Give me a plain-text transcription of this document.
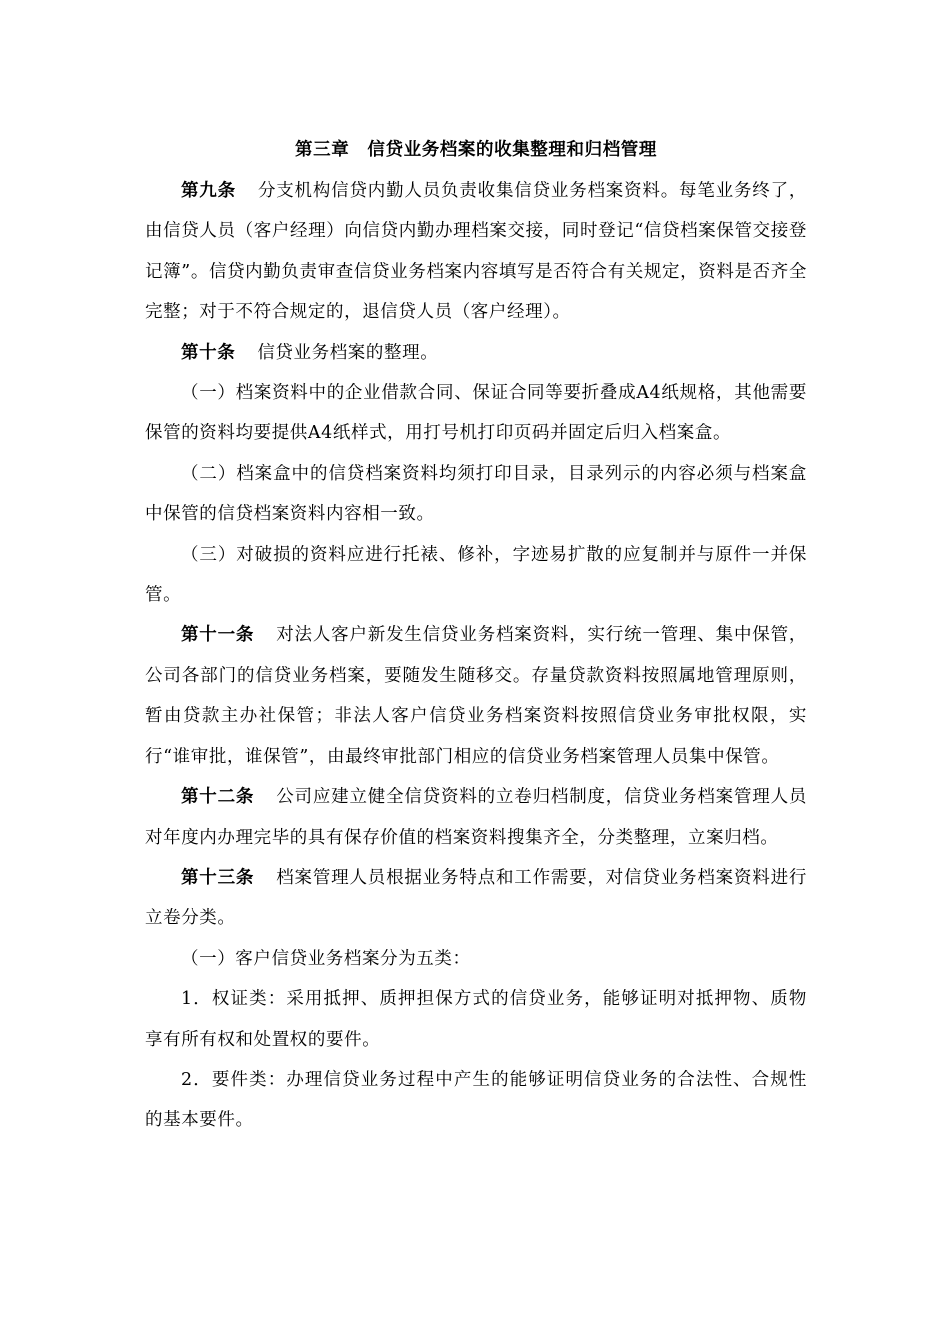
第三章　信贷业务档案的收集整理和归档管理

第九条 分支机构信贷内勤人员负责收集信贷业务档案资料。每笔业务终了，由信贷人员（客户经理）向信贷内勤办理档案交接，同时登记“信贷档案保管交接登记簿”。信贷内勤负责审查信贷业务档案内容填写是否符合有关规定，资料是否齐全完整；对于不符合规定的，退信贷人员（客户经理）。

第十条 信贷业务档案的整理。

（一）档案资料中的企业借款合同、保证合同等要折叠成A4纸规格，其他需要保管的资料均要提供A4纸样式，用打号机打印页码并固定后归入档案盒。

（二）档案盒中的信贷档案资料均须打印目录，目录列示的内容必须与档案盒中保管的信贷档案资料内容相一致。

（三）对破损的资料应进行托裱、修补，字迹易扩散的应复制并与原件一并保管。

第十一条 对法人客户新发生信贷业务档案资料，实行统一管理、集中保管，公司各部门的信贷业务档案，要随发生随移交。存量贷款资料按照属地管理原则，暂由贷款主办社保管；非法人客户信贷业务档案资料按照信贷业务审批权限，实行“谁审批，谁保管”，由最终审批部门相应的信贷业务档案管理人员集中保管。

第十二条 公司应建立健全信贷资料的立卷归档制度，信贷业务档案管理人员对年度内办理完毕的具有保存价值的档案资料搜集齐全，分类整理，立案归档。

第十三条 档案管理人员根据业务特点和工作需要，对信贷业务档案资料进行立卷分类。

（一）客户信贷业务档案分为五类：

1．权证类：采用抵押、质押担保方式的信贷业务，能够证明对抵押物、质物享有所有权和处置权的要件。

2．要件类：办理信贷业务过程中产生的能够证明信贷业务的合法性、合规性的基本要件。
